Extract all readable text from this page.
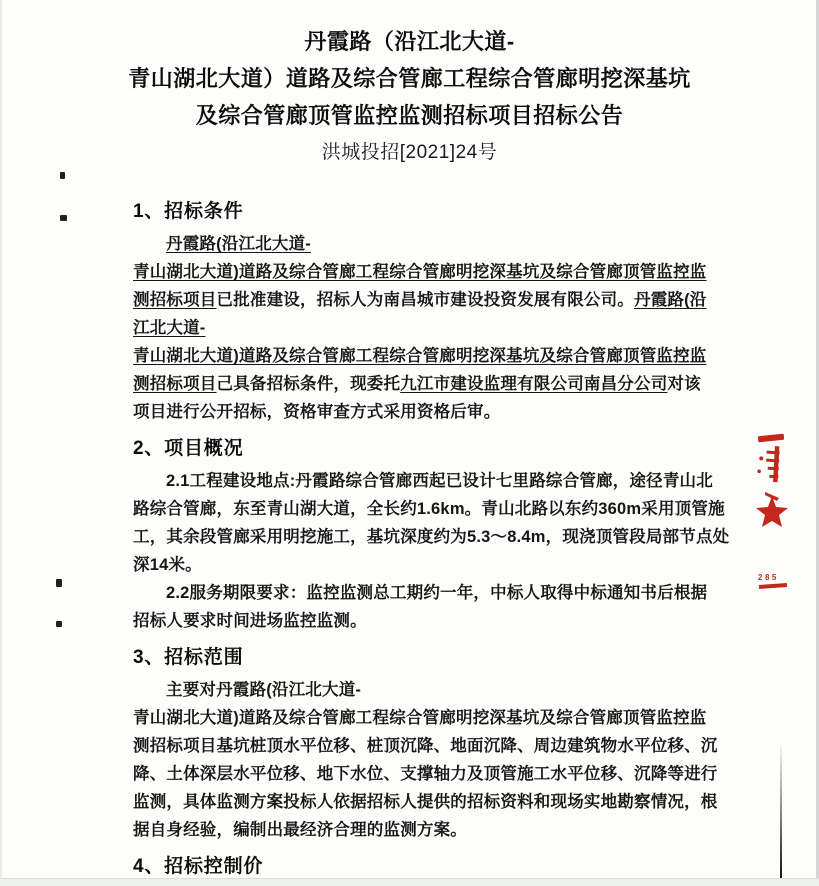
丹霞路（沿江北大道-
青山湖北大道）道路及综合管廊工程综合管廊明挖深基坑
及综合管廊顶管监控监测招标项目招标公告
洪城投招[2021]24号
1、招标条件
丹霞路(沿江北大道-
青山湖北大道)道路及综合管廊工程综合管廊明挖深基坑及综合管廊顶管监控监
测招标项目已批准建设，招标人为南昌城市建设投资发展有限公司。丹霞路(沿
江北大道-
青山湖北大道)道路及综合管廊工程综合管廊明挖深基坑及综合管廊顶管监控监
测招标项目己具备招标条件，现委托九江市建设监理有限公司南昌分公司对该
项目进行公开招标，资格审查方式采用资格后审。
2、项目概况
2.1工程建设地点:丹霞路综合管廊西起已设计七里路综合管廊，途径青山北
路综合管廊，东至青山湖大道，全长约1.6km。青山北路以东约360m采用顶管施
工，其余段管廊采用明挖施工，基坑深度约为5.3～8.4m，现浇顶管段局部节点处
深14米。
2.2服务期限要求：监控监测总工期约一年，中标人取得中标通知书后根据
招标人要求时间进场监控监测。
3、招标范围
主要对丹霞路(沿江北大道-
青山湖北大道)道路及综合管廊工程综合管廊明挖深基坑及综合管廊顶管监控监
测招标项目基坑桩顶水平位移、桩顶沉降、地面沉降、周边建筑物水平位移、沉
降、土体深层水平位移、地下水位、支撑轴力及顶管施工水平位移、沉降等进行
监测，具体监测方案投标人依据招标人提供的招标资料和现场实地勘察情况，根
据自身经验，编制出最经济合理的监测方案。
4、招标控制价
285
